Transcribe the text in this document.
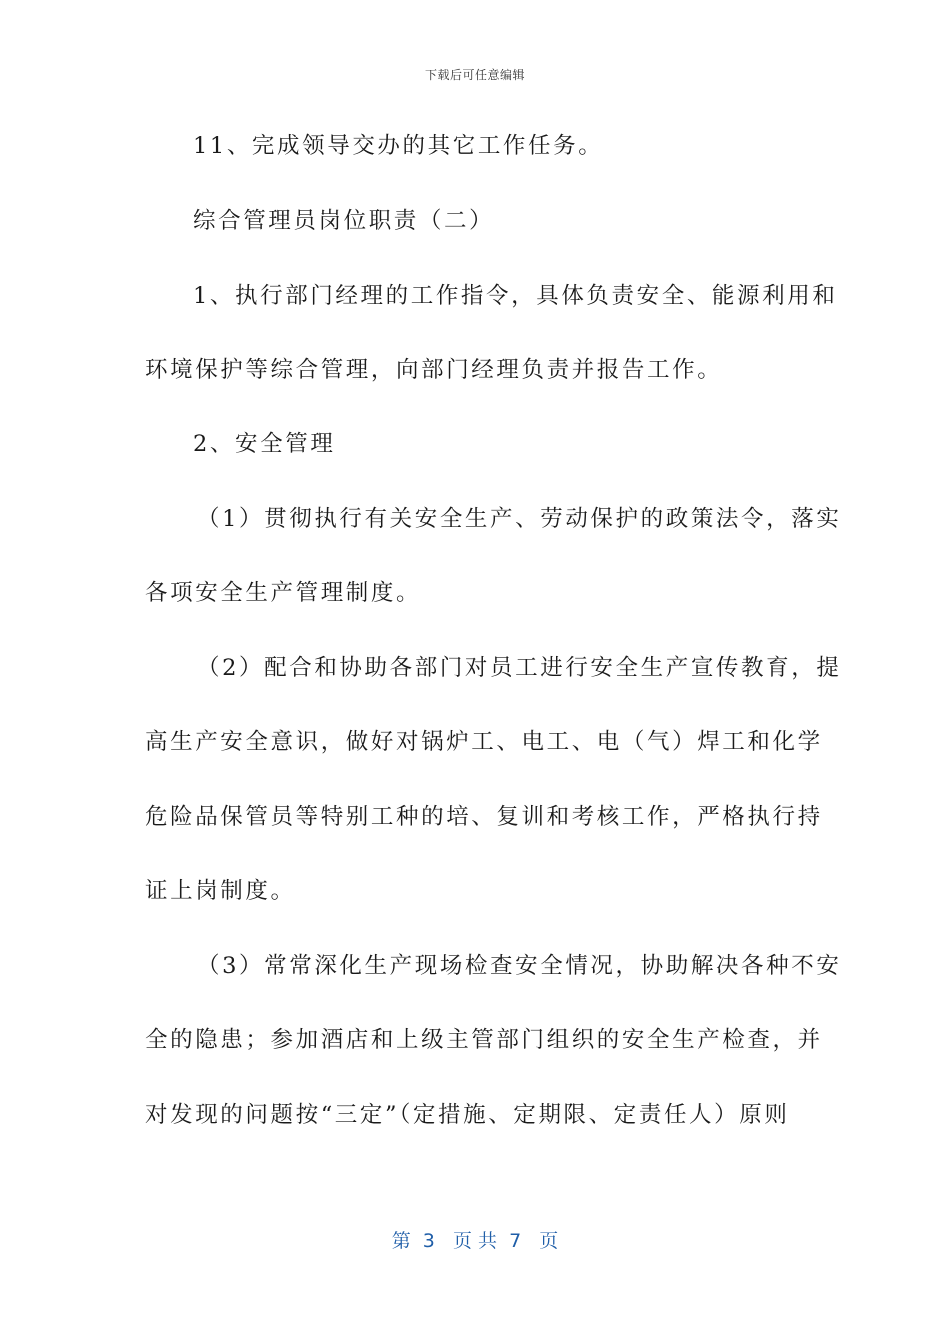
下载后可任意编辑
11、完成领导交办的其它工作任务。
综合管理员岗位职责（二）
1、执行部门经理的工作指令，具体负责安全、能源利用和
环境保护等综合管理，向部门经理负责并报告工作。
2、安全管理
（1）贯彻执行有关安全生产、劳动保护的政策法令，落实
各项安全生产管理制度。
（2）配合和协助各部门对员工进行安全生产宣传教育，提
高生产安全意识，做好对锅炉工、电工、电（气）焊工和化学
危险品保管员等特别工种的培、复训和考核工作，严格执行持
证上岗制度。
（3）常常深化生产现场检查安全情况，协助解决各种不安
全的隐患；参加酒店和上级主管部门组织的安全生产检查，并
对发现的问题按“三定”（定措施、定期限、定责任人）原则
第  3   页 共  7   页
